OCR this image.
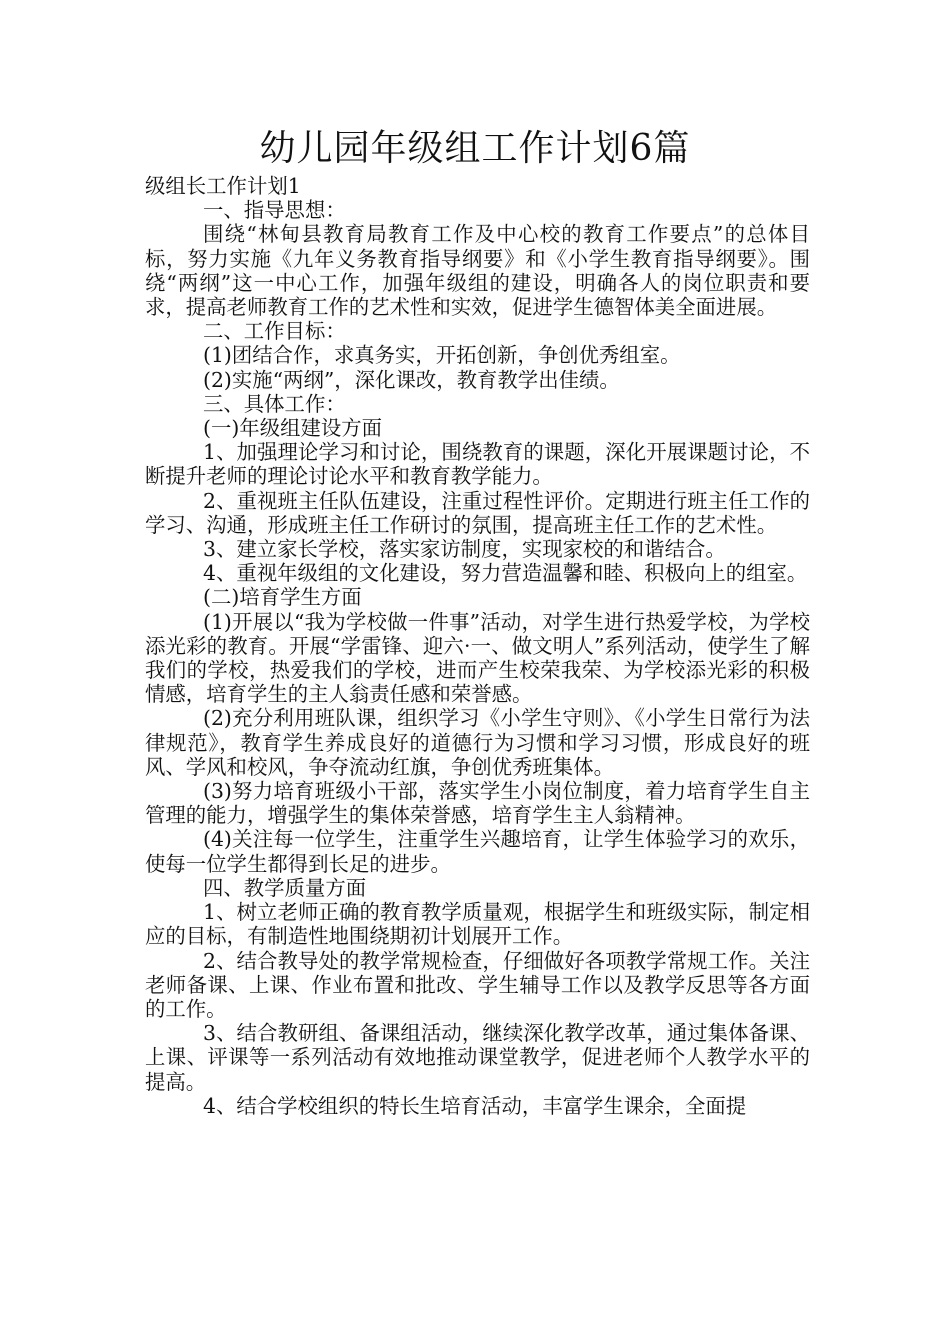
幼儿园年级组工作计划6篇

级组长工作计划1

一、指导思想：

围绕“林甸县教育局教育工作及中心校的教育工作要点”的总体目标，努力实施《九年义务教育指导纲要》和《小学生教育指导纲要》。围绕“两纲”这一中心工作，加强年级组的建设，明确各人的岗位职责和要求，提高老师教育工作的艺术性和实效，促进学生德智体美全面进展。

二、工作目标：

(1)团结合作，求真务实，开拓创新，争创优秀组室。

(2)实施“两纲”，深化课改，教育教学出佳绩。

三、具体工作：

(一)年级组建设方面

1、加强理论学习和讨论，围绕教育的课题，深化开展课题讨论，不断提升老师的理论讨论水平和教育教学能力。

2、重视班主任队伍建设，注重过程性评价。定期进行班主任工作的学习、沟通，形成班主任工作研讨的氛围，提高班主任工作的艺术性。

3、建立家长学校，落实家访制度，实现家校的和谐结合。

4、重视年级组的文化建设，努力营造温馨和睦、积极向上的组室。

(二)培育学生方面

(1)开展以“我为学校做一件事”活动，对学生进行热爱学校，为学校添光彩的教育。开展“学雷锋、迎六·一、做文明人”系列活动，使学生了解我们的学校，热爱我们的学校，进而产生校荣我荣、为学校添光彩的积极情感，培育学生的主人翁责任感和荣誉感。

(2)充分利用班队课，组织学习《小学生守则》、《小学生日常行为法律规范》，教育学生养成良好的道德行为习惯和学习习惯，形成良好的班风、学风和校风，争夺流动红旗，争创优秀班集体。

(3)努力培育班级小干部，落实学生小岗位制度，着力培育学生自主管理的能力，增强学生的集体荣誉感，培育学生主人翁精神。

(4)关注每一位学生，注重学生兴趣培育，让学生体验学习的欢乐，使每一位学生都得到长足的进步。

四、教学质量方面

1、树立老师正确的教育教学质量观，根据学生和班级实际，制定相应的目标，有制造性地围绕期初计划展开工作。

2、结合教导处的教学常规检查，仔细做好各项教学常规工作。关注老师备课、上课、作业布置和批改、学生辅导工作以及教学反思等各方面的工作。

3、结合教研组、备课组活动，继续深化教学改革，通过集体备课、上课、评课等一系列活动有效地推动课堂教学，促进老师个人教学水平的提高。

4、结合学校组织的特长生培育活动，丰富学生课余，全面提
